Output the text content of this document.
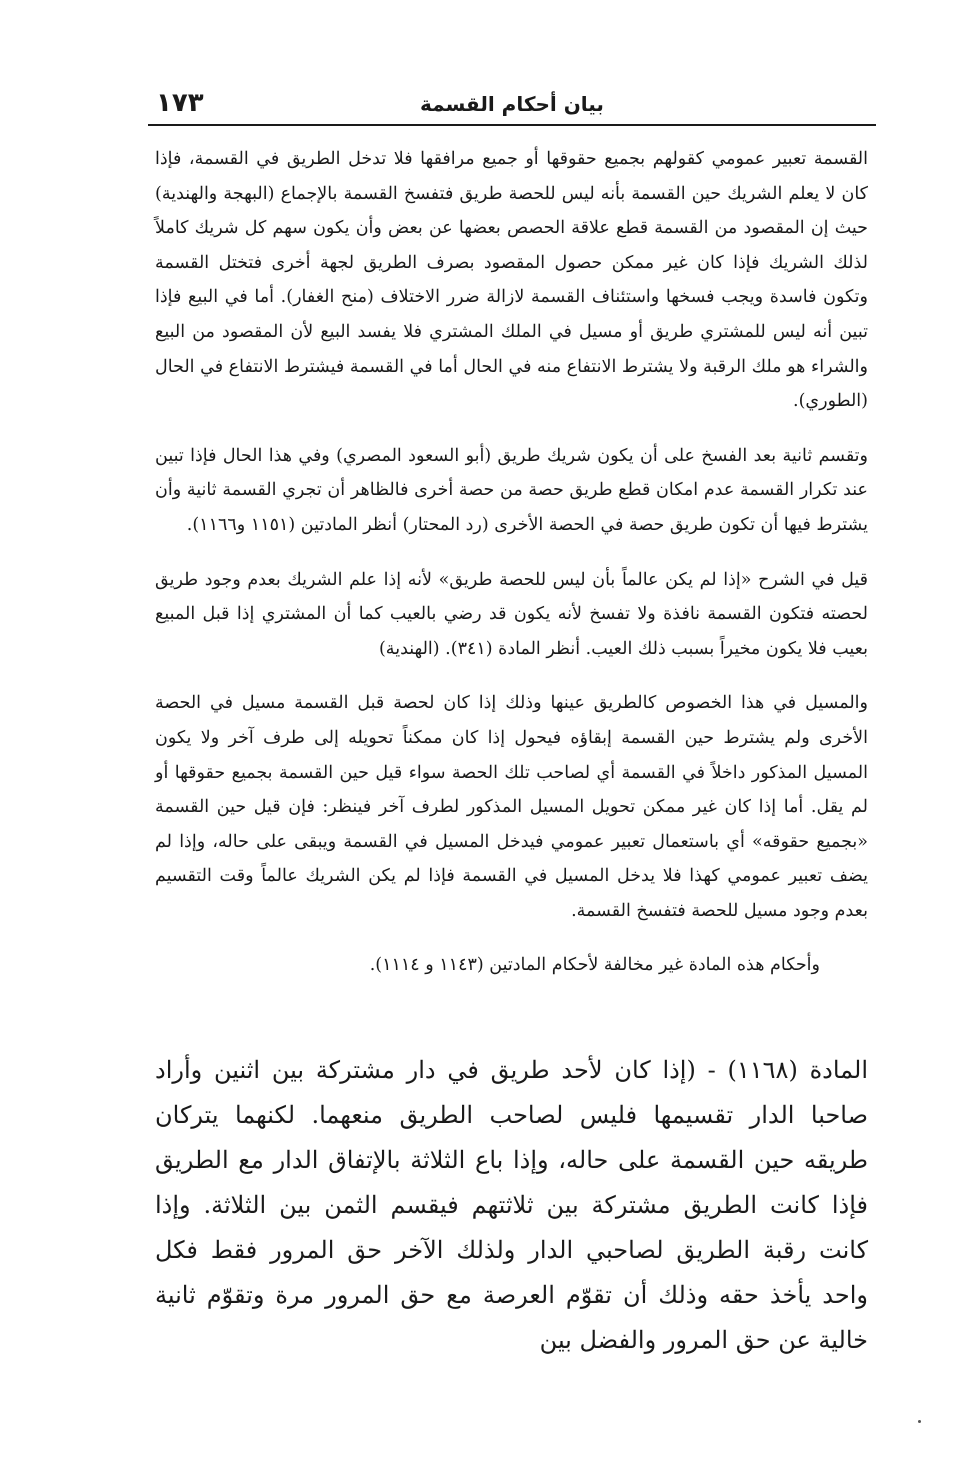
١٧٣	بيان أحكام القسمة

القسمة تعبير عمومي كقولهم بجميع حقوقها أو جميع مرافقها فلا تدخل الطريق في القسمة، فإذا كان لا يعلم الشريك حين القسمة بأنه ليس للحصة طريق فتفسخ القسمة بالإجماع (البهجة والهندية) حيث إن المقصود من القسمة قطع علاقة الحصص بعضها عن بعض وأن يكون سهم كل شريك كاملاً لذلك الشريك فإذا كان غير ممكن حصول المقصود بصرف الطريق لجهة أخرى فتختل القسمة وتكون فاسدة ويجب فسخها واستئناف القسمة لازالة ضرر الاختلاف (منح الغفار). أما في البيع فإذا تبين أنه ليس للمشتري طريق أو مسيل في الملك المشتري فلا يفسد البيع لأن المقصود من البيع والشراء هو ملك الرقبة ولا يشترط الانتفاع منه في الحال أما في القسمة فيشترط الانتفاع في الحال (الطوري).

وتقسم ثانية بعد الفسخ على أن يكون شريك طريق (أبو السعود المصري) وفي هذا الحال فإذا تبين عند تكرار القسمة عدم امكان قطع طريق حصة من حصة أخرى فالظاهر أن تجري القسمة ثانية وأن يشترط فيها أن تكون طريق حصة في الحصة الأخرى (رد المحتار) أنظر المادتين (١١٥١ و١١٦٦).

قيل في الشرح «إذا لم يكن عالماً بأن ليس للحصة طريق» لأنه إذا علم الشريك بعدم وجود طريق لحصته فتكون القسمة نافذة ولا تفسخ لأنه يكون قد رضي بالعيب كما أن المشتري إذا قبل المبيع بعيب فلا يكون مخيراً بسبب ذلك العيب. أنظر المادة (٣٤١). (الهندية)

والمسيل في هذا الخصوص كالطريق عينها وذلك إذا كان لحصة قبل القسمة مسيل في الحصة الأخرى ولم يشترط حين القسمة إبقاؤه فيحول إذا كان ممكناً تحويله إلى طرف آخر ولا يكون المسيل المذكور داخلاً في القسمة أي لصاحب تلك الحصة سواء قيل حين القسمة بجميع حقوقها أو لم يقل. أما إذا كان غير ممكن تحويل المسيل المذكور لطرف آخر فينظر: فإن قيل حين القسمة «بجميع حقوقه» أي باستعمال تعبير عمومي فيدخل المسيل في القسمة ويبقى على حاله، وإذا لم يضف تعبير عمومي كهذا فلا يدخل المسيل في القسمة فإذا لم يكن الشريك عالماً وقت التقسيم بعدم وجود مسيل للحصة فتفسخ القسمة.

وأحكام هذه المادة غير مخالفة لأحكام المادتين (١١٤٣ و ١١١٤).

المادة (١١٦٨) - (إذا كان لأحد طريق في دار مشتركة بين اثنين وأراد صاحبا الدار تقسيمها فليس لصاحب الطريق منعهما. لكنهما يتركان طريقه حين القسمة على حاله، وإذا باع الثلاثة بالإتفاق الدار مع الطريق فإذا كانت الطريق مشتركة بين ثلاثتهم فيقسم الثمن بين الثلاثة. وإذا كانت رقبة الطريق لصاحبي الدار ولذلك الآخر حق المرور فقط فكل واحد يأخذ حقه وذلك أن تقوّم العرصة مع حق المرور مرة وتقوّم ثانية خالية عن حق المرور والفضل بين
